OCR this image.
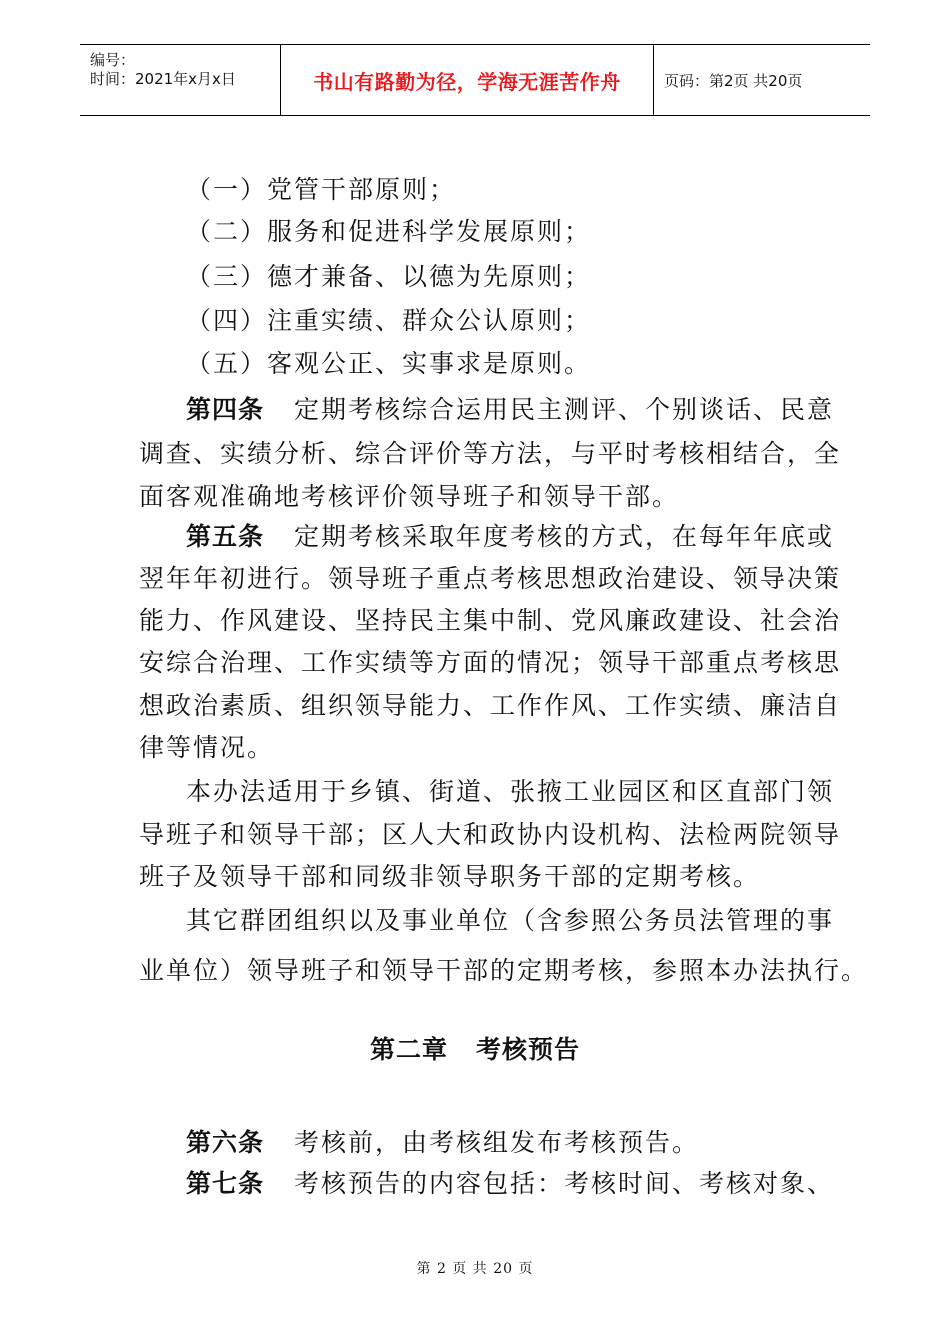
编号：
时间：2021年x月x日	书山有路勤为径，学海无涯苦作舟	页码：第2页 共20页
（一）党管干部原则；
（二）服务和促进科学发展原则；
（三）德才兼备、以德为先原则；
（四）注重实绩、群众公认原则；
（五）客观公正、实事求是原则。
第四条 定期考核综合运用民主测评、个别谈话、民意
调查、实绩分析、综合评价等方法，与平时考核相结合，全
面客观准确地考核评价领导班子和领导干部。
第五条 定期考核采取年度考核的方式，在每年年底或
翌年年初进行。领导班子重点考核思想政治建设、领导决策
能力、作风建设、坚持民主集中制、党风廉政建设、社会治
安综合治理、工作实绩等方面的情况；领导干部重点考核思
想政治素质、组织领导能力、工作作风、工作实绩、廉洁自
律等情况。
本办法适用于乡镇、街道、张掖工业园区和区直部门领
导班子和领导干部；区人大和政协内设机构、法检两院领导
班子及领导干部和同级非领导职务干部的定期考核。
其它群团组织以及事业单位（含参照公务员法管理的事
业单位）领导班子和领导干部的定期考核，参照本办法执行。
第二章 考核预告
第六条 考核前，由考核组发布考核预告。
第七条 考核预告的内容包括：考核时间、考核对象、
第 2 页 共 20 页
